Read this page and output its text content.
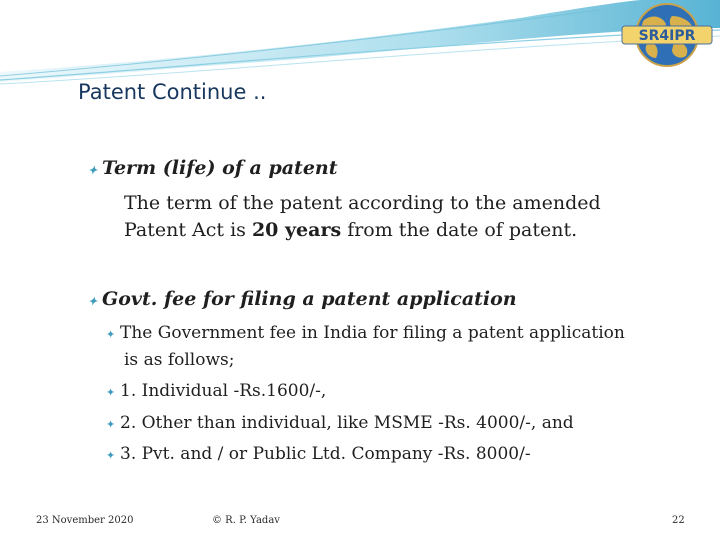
SR4IPR
Patent Continue ..
✦ Term (life) of a patent
The term of the patent according to the amended
Patent Act is 20 years from the date of patent.
✦ Govt. fee for filing a patent application
✦ The Government fee in India for filing a patent application
is as follows;
✦ 1. Individual -Rs.1600/-,
✦ 2. Other than individual, like MSME -Rs. 4000/-, and
✦ 3. Pvt. and / or Public Ltd. Company -Rs. 8000/-
23 November 2020	© R. P. Yadav	22
